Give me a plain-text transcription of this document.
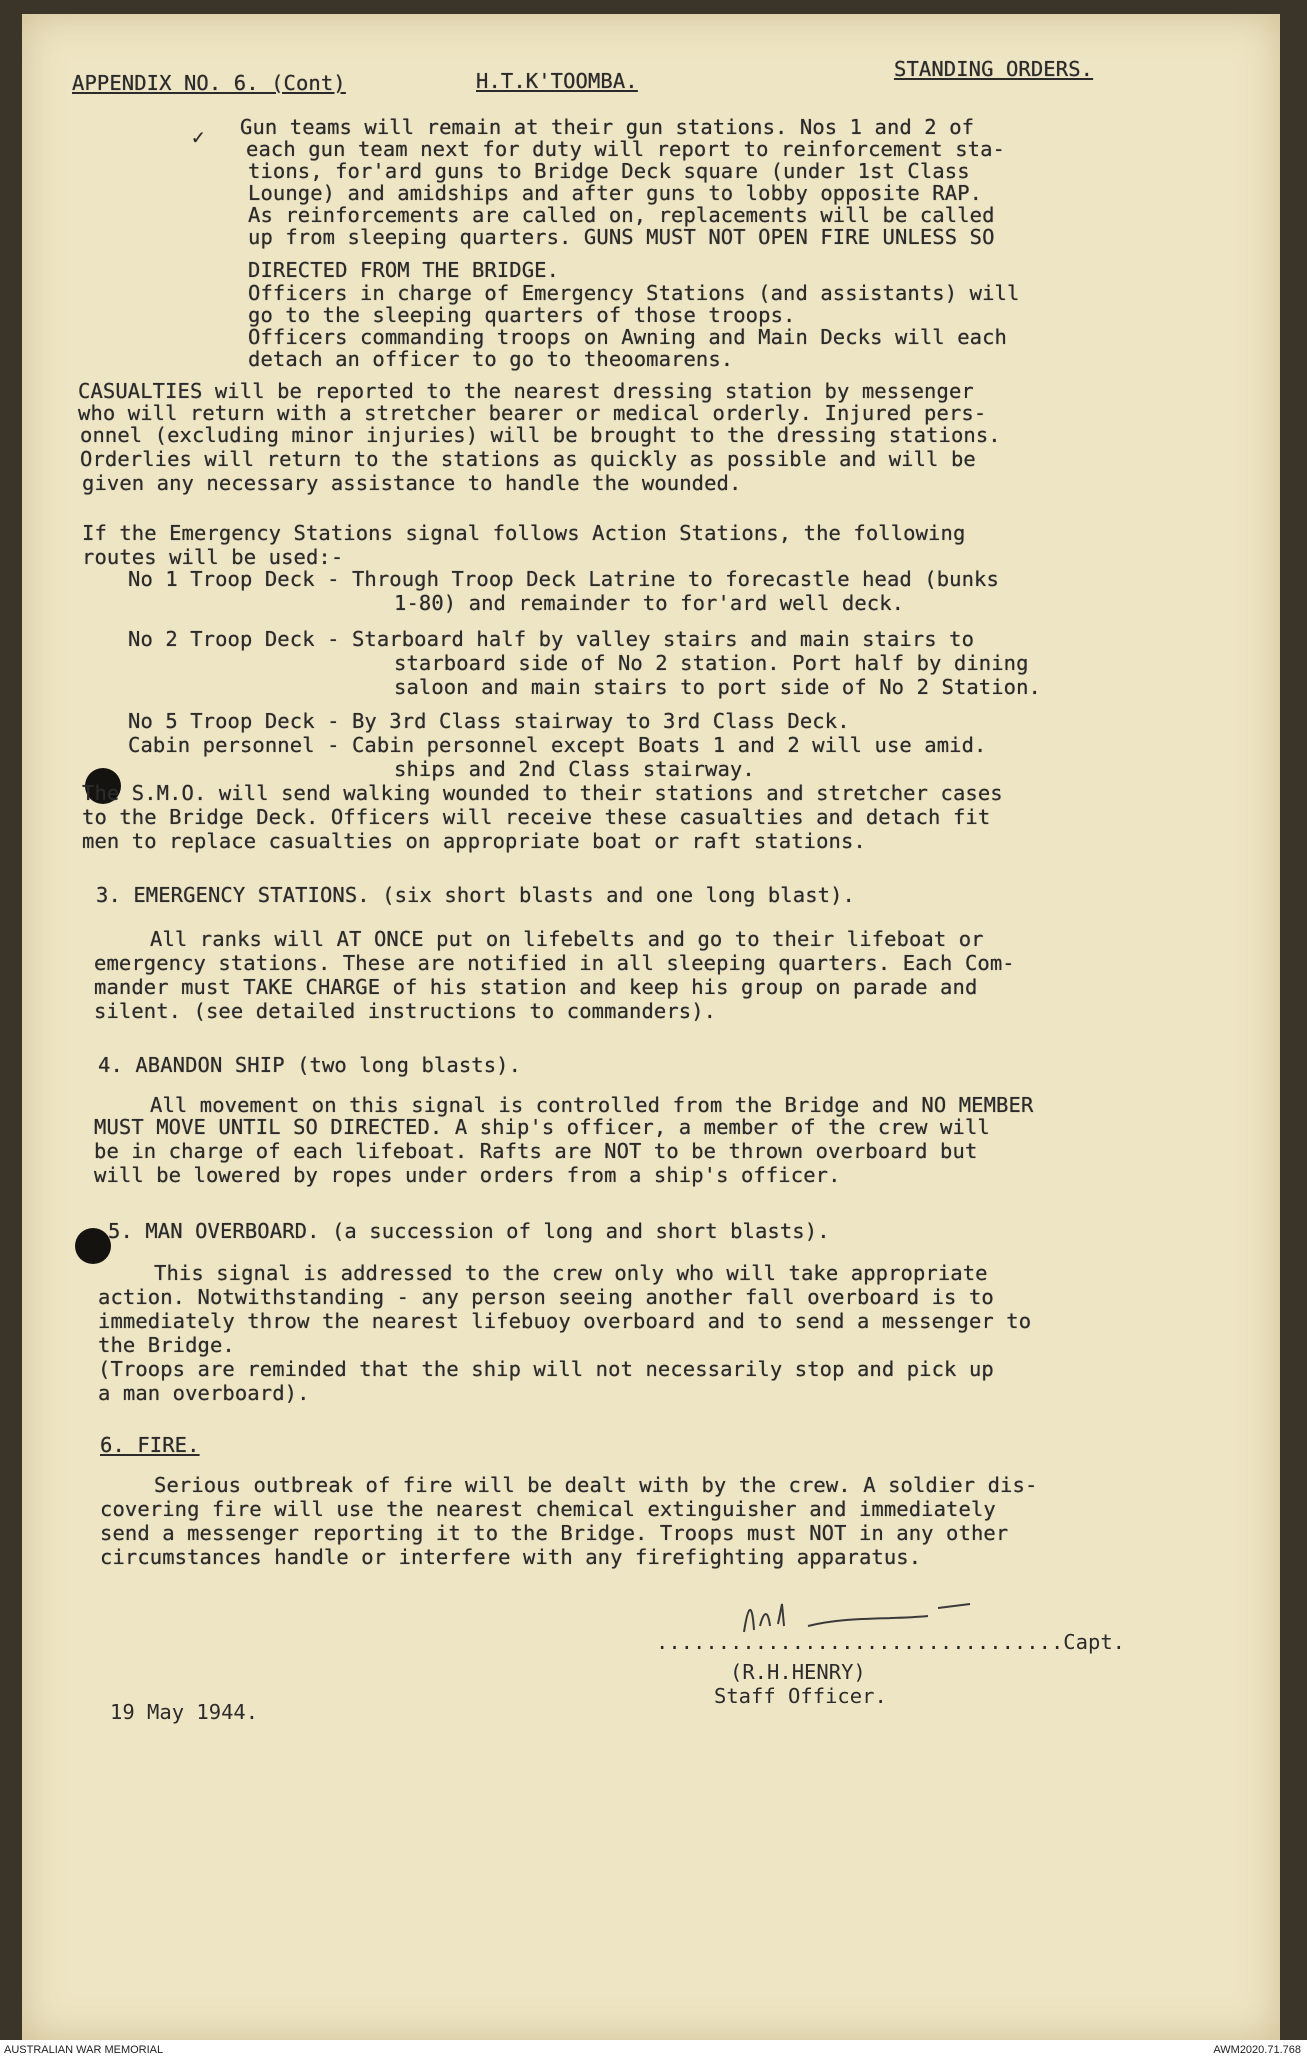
APPENDIX NO. 6. (Cont)	H.T.K'TOOMBA.	STANDING ORDERS.
✓ Gun teams will remain at their gun stations. Nos 1 and 2 of
each gun team next for duty will report to reinforcement sta-
tions, for'ard guns to Bridge Deck square (under 1st Class
Lounge) and amidships and after guns to lobby opposite RAP.
As reinforcements are called on, replacements will be called
up from sleeping quarters. GUNS MUST NOT OPEN FIRE UNLESS SO
DIRECTED FROM THE BRIDGE.
Officers in charge of Emergency Stations (and assistants) will
go to the sleeping quarters of those troops.
Officers commanding troops on Awning and Main Decks will each
detach an officer to go to theoomarens.
CASUALTIES will be reported to the nearest dressing station by messenger
who will return with a stretcher bearer or medical orderly. Injured pers-
onnel (excluding minor injuries) will be brought to the dressing stations.
Orderlies will return to the stations as quickly as possible and will be
given any necessary assistance to handle the wounded.
If the Emergency Stations signal follows Action Stations, the following
routes will be used:-
No 1 Troop Deck - Through Troop Deck Latrine to forecastle head (bunks
1-80) and remainder to for'ard well deck.
No 2 Troop Deck - Starboard half by valley stairs and main stairs to
starboard side of No 2 station. Port half by dining
saloon and main stairs to port side of No 2 Station.
No 5 Troop Deck - By 3rd Class stairway to 3rd Class Deck.
Cabin personnel - Cabin personnel except Boats 1 and 2 will use amid.
ships and 2nd Class stairway.
The S.M.O. will send walking wounded to their stations and stretcher cases
to the Bridge Deck. Officers will receive these casualties and detach fit
men to replace casualties on appropriate boat or raft stations.
3. EMERGENCY STATIONS. (six short blasts and one long blast).
All ranks will AT ONCE put on lifebelts and go to their lifeboat or
emergency stations. These are notified in all sleeping quarters. Each Com-
mander must TAKE CHARGE of his station and keep his group on parade and
silent. (see detailed instructions to commanders).
4. ABANDON SHIP (two long blasts).
All movement on this signal is controlled from the Bridge and NO MEMBER
MUST MOVE UNTIL SO DIRECTED. A ship's officer, a member of the crew will
be in charge of each lifeboat. Rafts are NOT to be thrown overboard but
will be lowered by ropes under orders from a ship's officer.
5. MAN OVERBOARD. (a succession of long and short blasts).
This signal is addressed to the crew only who will take appropriate
action. Notwithstanding - any person seeing another fall overboard is to
immediately throw the nearest lifebuoy overboard and to send a messenger to
the Bridge.
(Troops are reminded that the ship will not necessarily stop and pick up
a man overboard).
6. FIRE.
Serious outbreak of fire will be dealt with by the crew. A soldier dis-
covering fire will use the nearest chemical extinguisher and immediately
send a messenger reporting it to the Bridge. Troops must NOT in any other
circumstances handle or interfere with any firefighting apparatus.
.................................Capt.
(R.H.HENRY)
Staff Officer.
19 May 1944.
AUSTRALIAN WAR MEMORIAL	AWM2020.71.768
